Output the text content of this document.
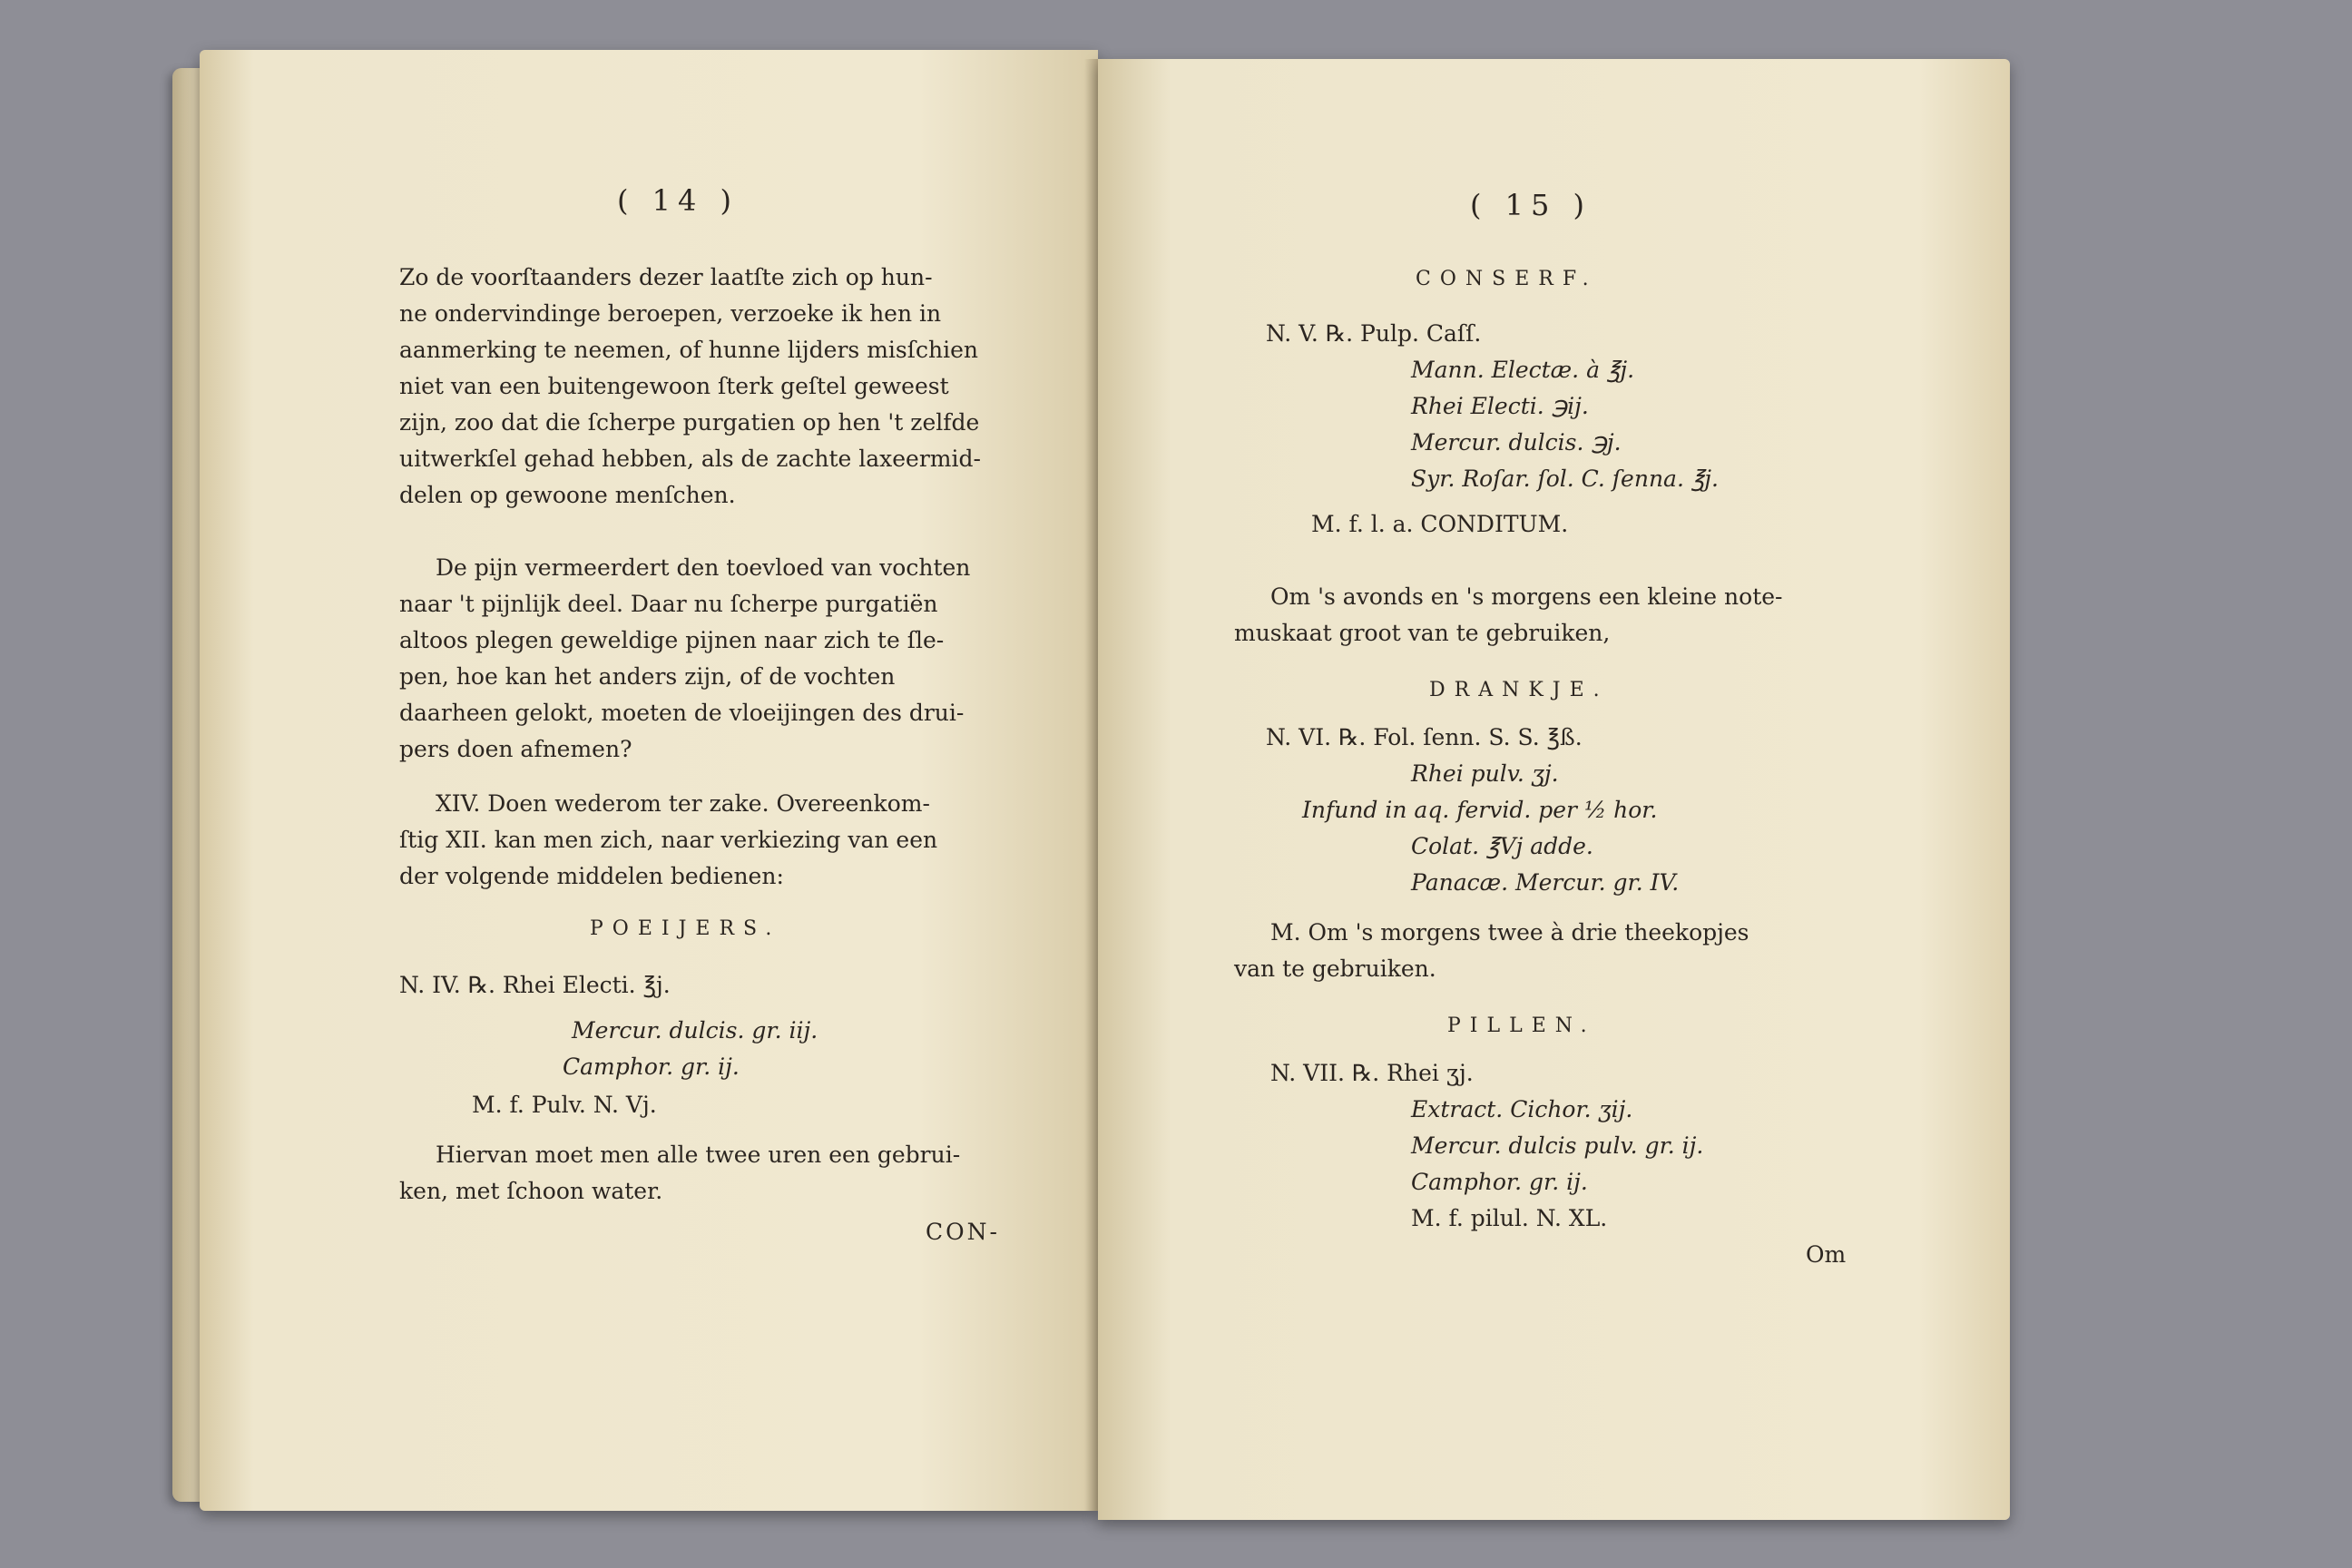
( 14 )
Zo de voorſtaanders dezer laatſte zich op hun-
ne ondervindinge beroepen, verzoeke ik hen in
aanmerking te neemen, of hunne lijders misſchien
niet van een buitengewoon ſterk geſtel geweest
zijn, zoo dat die ſcherpe purgatien op hen 't zelfde
uitwerkſel gehad hebben, als de zachte laxeermid-
delen op gewoone menſchen.
De pijn vermeerdert den toevloed van vochten
naar 't pijnlijk deel. Daar nu ſcherpe purgatiën
altoos plegen geweldige pijnen naar zich te ſle-
pen, hoe kan het anders zijn, of de vochten
daarheen gelokt, moeten de vloeijingen des drui-
pers doen afnemen?
XIV. Doen wederom ter zake. Overeenkom-
ſtig XII. kan men zich, naar verkiezing van een
der volgende middelen bedienen:
POEIJERS.
N. IV. ℞. Rhei Electi. ℥j.
Mercur. dulcis. gr. iij.
Camphor. gr. ij.
M. f. Pulv. N. Vj.
Hiervan moet men alle twee uren een gebrui-
ken, met ſchoon water.
CON-
( 15 )
CONSERF.
N. V. ℞. Pulp. Caſſ.
Mann. Electæ. à ℥j.
Rhei Electi. ℈ij.
Mercur. dulcis. ℈j.
Syr. Roſar. ſol. C. ſenna. ℥j.
M. f. l. a. CONDITUM.
Om 's avonds en 's morgens een kleine note-
muskaat groot van te gebruiken,
DRANKJE.
N. VI. ℞. Fol. ſenn. S. S. ℥ß.
Rhei pulv. ʒj.
Infund in aq. fervid. per ½ hor.
Colat. ℥Vj adde.
Panacæ. Mercur. gr. IV.
M. Om 's morgens twee à drie theekopjes
van te gebruiken.
PILLEN.
N. VII. ℞. Rhei ʒj.
Extract. Cichor. ʒij.
Mercur. dulcis pulv. gr. ij.
Camphor. gr. ij.
M. f. pilul. N. XL.
Om
